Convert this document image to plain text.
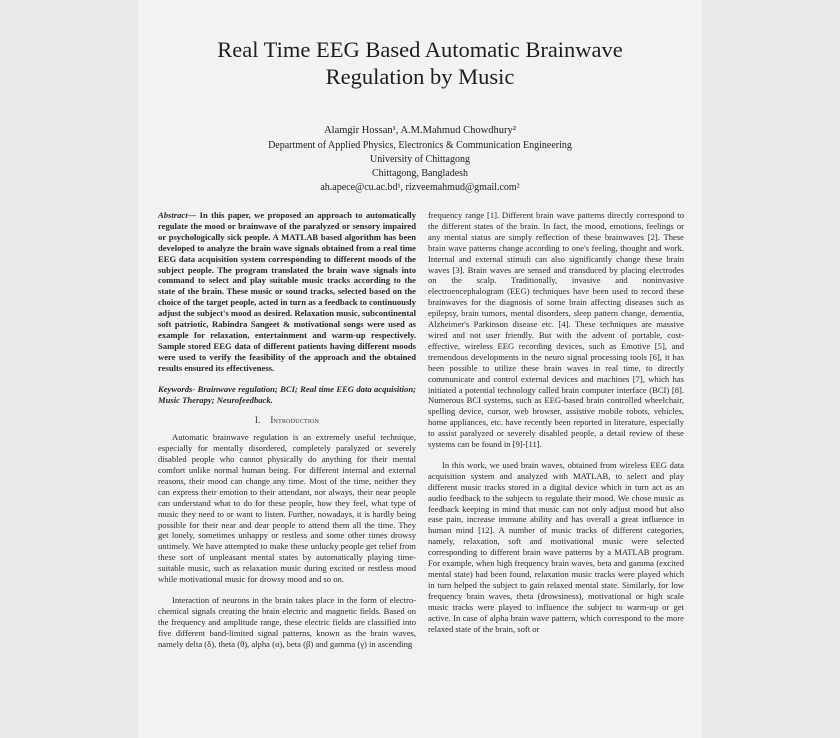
Real Time EEG Based Automatic Brainwave
Regulation by Music
Alamgir Hossan¹, A.M.Mahmud Chowdhury²
Department of Applied Physics, Electronics & Communication Engineering
University of Chittagong
Chittagong, Bangladesh
ah.apece@cu.ac.bd¹, rizveemahmud@gmail.com²

Abstract— In this paper, we proposed an approach to automatically regulate the mood or brainwave of the paralyzed or sensory impaired or psychologically sick people. A MATLAB based algorithm has been developed to analyze the brain wave signals obtained from a real time EEG data acquisition system corresponding to different moods of the subject people. The program translated the brain wave signals into command to select and play suitable music tracks according to the state of the brain. These music or sound tracks, selected based on the choice of the target people, acted in turn as a feedback to continuously adjust the subject's mood as desired. Relaxation music, subcontinental soft patriotic, Rabindra Sangeet & motivational songs were used as example for relaxation, entertainment and warm-up respectively. Sample stored EEG data of different patients having different moods were used to verify the feasibility of the approach and the obtained results ensured its effectiveness.

Keywords- Brainwave regulation; BCI; Real time EEG data acquisition; Music Therapy; Neurofeedback.

I. Introduction

Automatic brainwave regulation is an extremely useful technique, especially for mentally disordered, completely paralyzed or severely disabled people who cannot physically do anything for their mental comfort unlike normal human being. For different internal and external reasons, their mood can change any time. Most of the time, neither they can express their emotion to their attendant, nor always, their near people can understand what to do for these people, how they feel, what type of music they need to or want to listen. Further, nowadays, it is hardly being possible for their near and dear people to attend them all the time. They get lonely, sometimes unhappy or restless and some other times drowsy untimely. We have attempted to make these unlucky people get relief from these sort of unpleasant mental states by automatically playing time-suitable music, such as relaxation music during excited or restless mood while motivational music for drowsy mood and so on.

Interaction of neurons in the brain takes place in the form of electro-chemical signals creating the brain electric and magnetic fields. Based on the frequency and amplitude range, these electric fields are classified into five different band-limited signal patterns, known as the brain waves, namely delta (δ), theta (θ), alpha (α), beta (β) and gamma (γ) in ascending

frequency range [1]. Different brain wave patterns directly correspond to the different states of the brain. In fact, the mood, emotions, feelings or any mental status are simply reflection of these brainwaves [2]. These brain wave patterns change according to one's feeling, thought and work. Internal and external stimuli can also significantly change these brain waves [3]. Brain waves are sensed and transduced by placing electrodes on the scalp. Traditionally, invasive and noninvasive electroencephalogram (EEG) techniques have been used to record these brainwaves for the diagnosis of some brain affecting diseases such as epilepsy, brain tumors, mental disorders, sleep pattern change, dementia, Alzheimer's Parkinson disease etc. [4]. These techniques are massive wired and not user friendly. But with the advent of portable, cost-effective, wireless EEG recording devices, such as Emotive [5], and tremendous developments in the neuro signal processing tools [6], it has been possible to utilize these brain waves in real time, to directly communicate and control external devices and machines [7], which has initiated a potential technology called brain computer interface (BCI) [8]. Numerous BCI systems, such as EEG-based brain controlled wheelchair, spelling device, cursor, web browser, assistive mobile robots, vehicles, home appliances, etc. have recently been reported in literature, especially to assist paralyzed or severely disabled people, a detail review of these systems can be found in [9]-[11].

In this work, we used brain waves, obtained from wireless EEG data acquisition system and analyzed with MATLAB, to select and play different music tracks stored in a digital device which in turn act as an audio feedback to the subjects to regulate their mood. We chose music as feedback keeping in mind that music can not only adjust mood but also ease pain, increase immune ability and has overall a great influence in human mind [12]. A number of music tracks of different categories, namely, relaxation, soft and motivational music were selected corresponding to different brain wave patterns by a MATLAB program. For example, when high frequency brain waves, beta and gamma (excited mental state) had been found, relaxation music tracks were played which in turn helped the subject to gain relaxed mental state. Similarly, for low frequency brain waves, theta (drowsiness), motivational or high scale music tracks were played to influence the subject to warm-up or get active. In case of alpha brain wave pattern, which correspond to the more relaxed state of the brain, soft or
